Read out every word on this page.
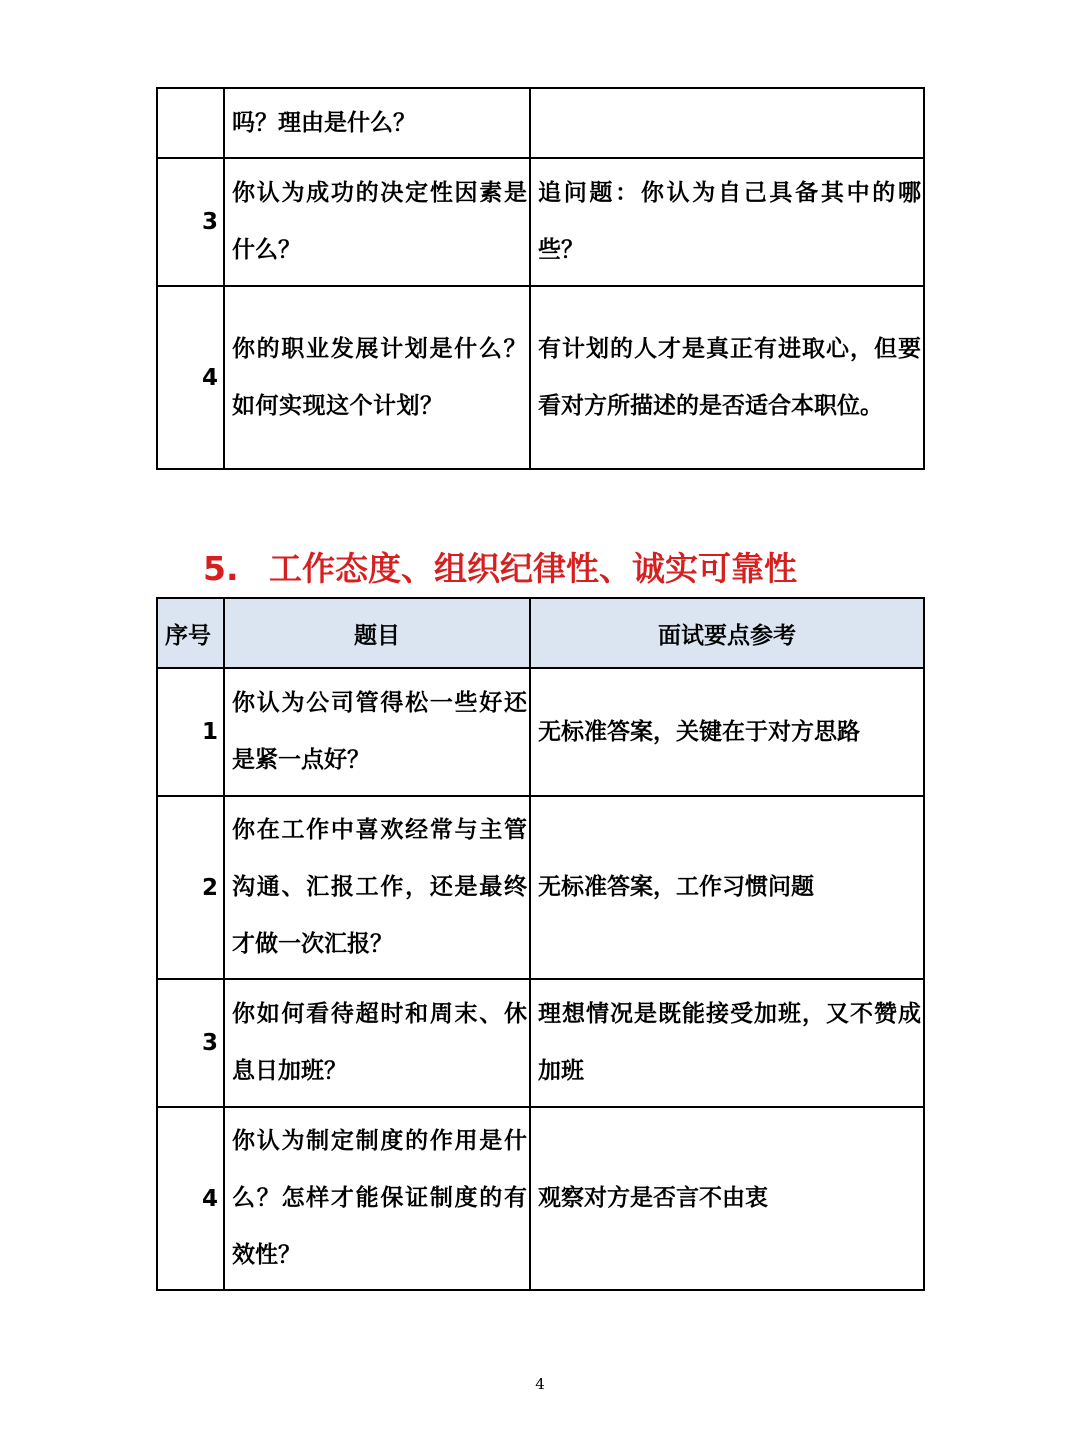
	吗？理由是什么？	
3	你认为成功的决定性因素是什么？	追问题：你认为自己具备其中的哪些？
4	你的职业发展计划是什么？如何实现这个计划？	有计划的人才是真正有进取心，但要看对方所描述的是否适合本职位。
5. 工作态度、组织纪律性、诚实可靠性
序号	题目	面试要点参考
1	你认为公司管得松一些好还是紧一点好？	无标准答案，关键在于对方思路
2	你在工作中喜欢经常与主管沟通、汇报工作，还是最终才做一次汇报？	无标准答案，工作习惯问题
3	你如何看待超时和周末、休息日加班？	理想情况是既能接受加班，又不赞成加班
4	你认为制定制度的作用是什么？怎样才能保证制度的有效性？	观察对方是否言不由衷
4
